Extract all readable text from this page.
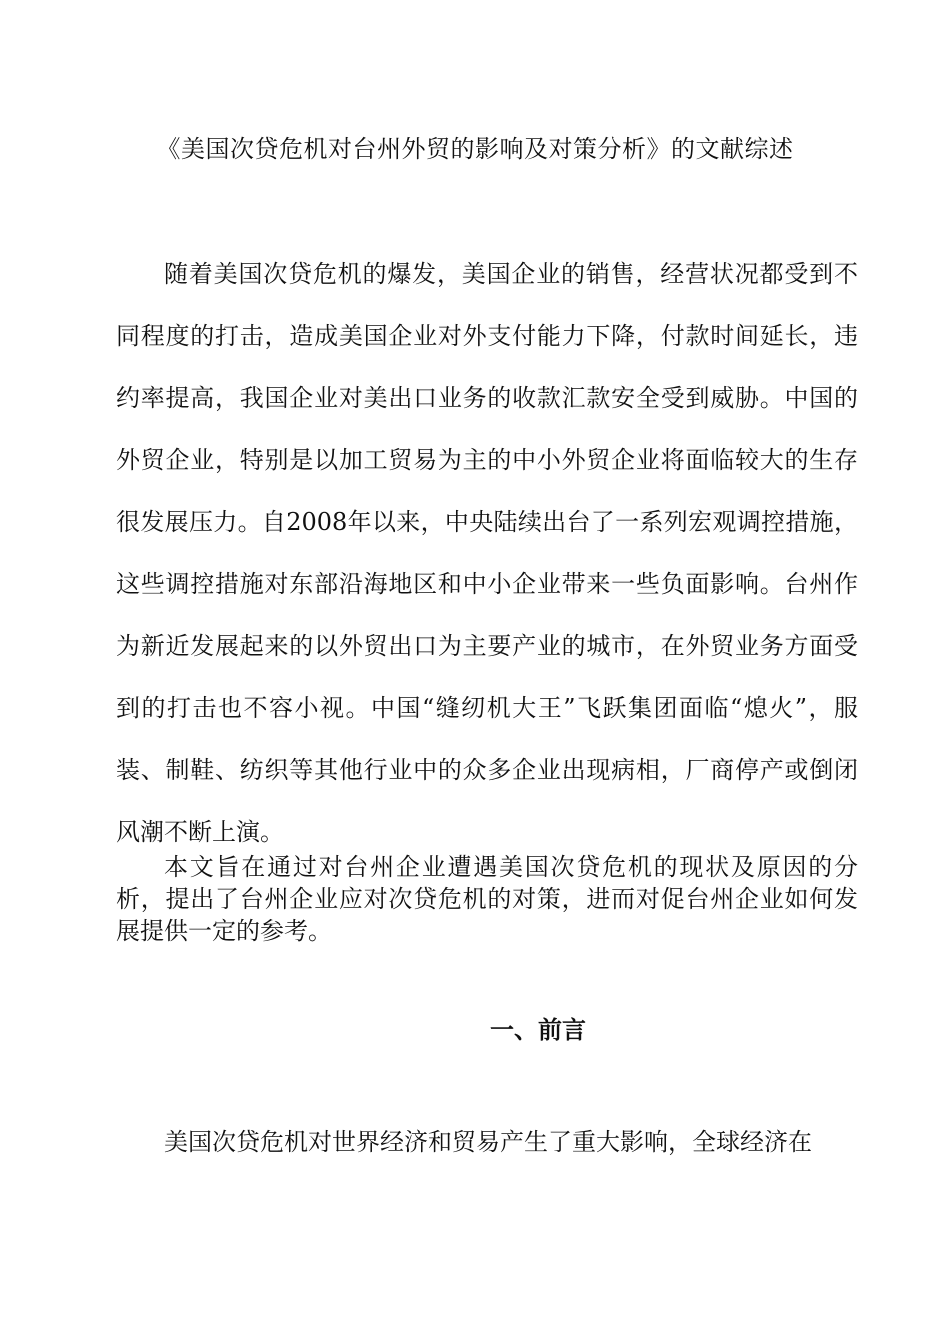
《美国次贷危机对台州外贸的影响及对策分析》的文献综述

随着美国次贷危机的爆发，美国企业的销售，经营状况都受到不同程度的打击，造成美国企业对外支付能力下降，付款时间延长，违约率提高，我国企业对美出口业务的收款汇款安全受到威胁。中国的外贸企业，特别是以加工贸易为主的中小外贸企业将面临较大的生存很发展压力。自2008年以来，中央陆续出台了一系列宏观调控措施，这些调控措施对东部沿海地区和中小企业带来一些负面影响。台州作为新近发展起来的以外贸出口为主要产业的城市，在外贸业务方面受到的打击也不容小视。中国“缝纫机大王”飞跃集团面临“熄火”，服装、制鞋、纺织等其他行业中的众多企业出现病相，厂商停产或倒闭风潮不断上演。

本文旨在通过对台州企业遭遇美国次贷危机的现状及原因的分析，提出了台州企业应对次贷危机的对策，进而对促台州企业如何发展提供一定的参考。

一、前言

美国次贷危机对世界经济和贸易产生了重大影响，全球经济在
